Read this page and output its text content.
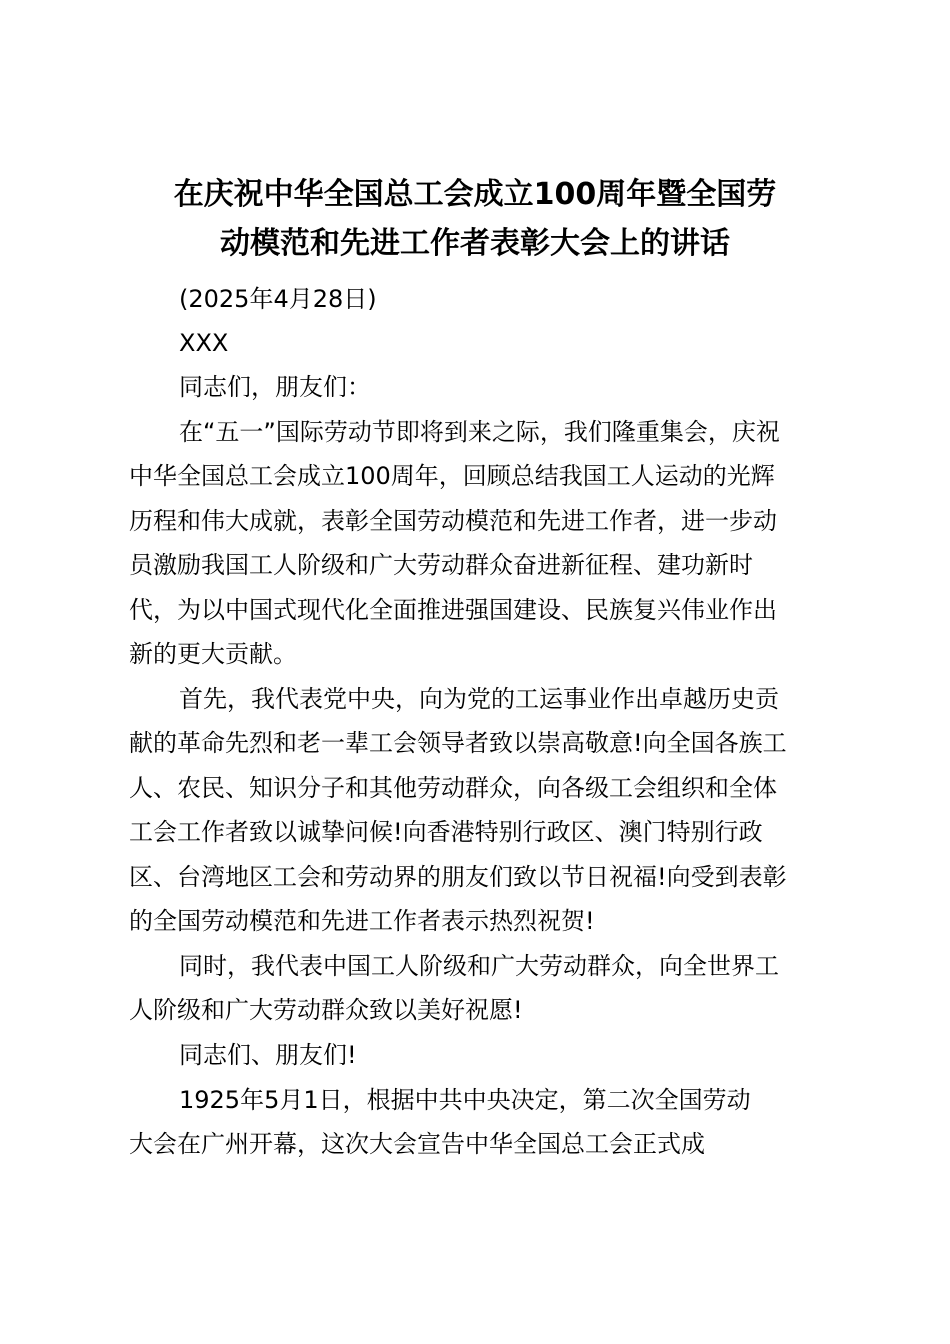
在庆祝中华全国总工会成立100周年暨全国劳
动模范和先进工作者表彰大会上的讲话
(2025年4月28日)
XXX
同志们，朋友们：
在“五一”国际劳动节即将到来之际，我们隆重集会，庆祝
中华全国总工会成立100周年，回顾总结我国工人运动的光辉
历程和伟大成就，表彰全国劳动模范和先进工作者，进一步动
员激励我国工人阶级和广大劳动群众奋进新征程、建功新时
代，为以中国式现代化全面推进强国建设、民族复兴伟业作出
新的更大贡献。
首先，我代表党中央，向为党的工运事业作出卓越历史贡
献的革命先烈和老一辈工会领导者致以崇高敬意!向全国各族工
人、农民、知识分子和其他劳动群众，向各级工会组织和全体
工会工作者致以诚挚问候!向香港特别行政区、澳门特别行政
区、台湾地区工会和劳动界的朋友们致以节日祝福!向受到表彰
的全国劳动模范和先进工作者表示热烈祝贺!
同时，我代表中国工人阶级和广大劳动群众，向全世界工
人阶级和广大劳动群众致以美好祝愿!
同志们、朋友们!
1925年5月1日，根据中共中央决定，第二次全国劳动
大会在广州开幕，这次大会宣告中华全国总工会正式成
